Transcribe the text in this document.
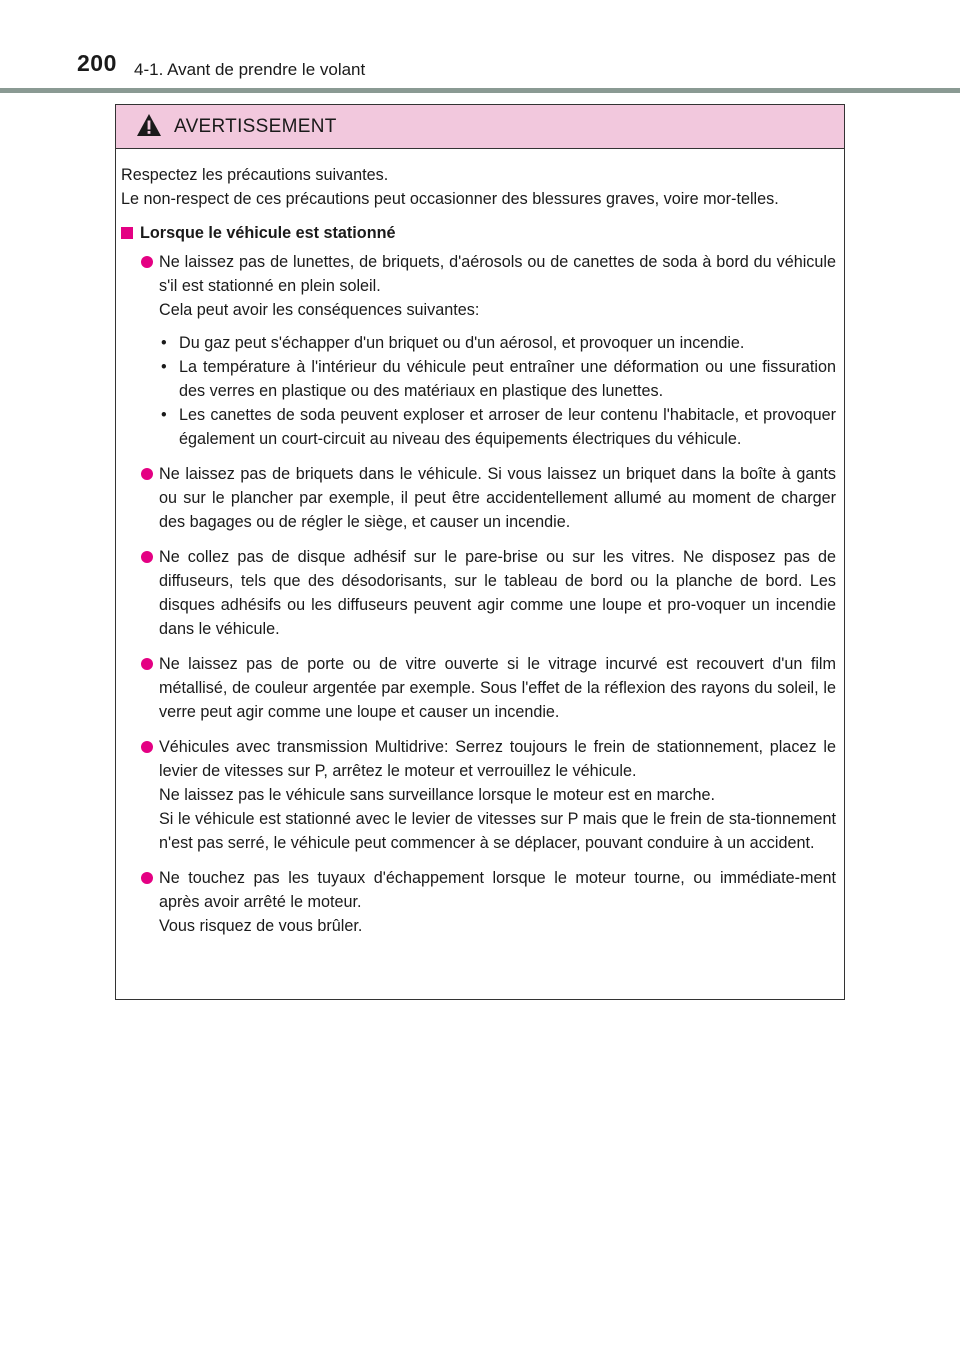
200 4-1. Avant de prendre le volant
AVERTISSEMENT

Respectez les précautions suivantes.

Le non-respect de ces précautions peut occasionner des blessures graves, voire mor-telles.

Lorsque le véhicule est stationné

Ne laissez pas de lunettes, de briquets, d'aérosols ou de canettes de soda à bord du véhicule s'il est stationné en plein soleil.

Cela peut avoir les conséquences suivantes:

• Du gaz peut s'échapper d'un briquet ou d'un aérosol, et provoquer un incendie.
• La température à l'intérieur du véhicule peut entraîner une déformation ou une fissuration des verres en plastique ou des matériaux en plastique des lunettes.
• Les canettes de soda peuvent exploser et arroser de leur contenu l'habitacle, et provoquer également un court-circuit au niveau des équipements électriques du véhicule.

Ne laissez pas de briquets dans le véhicule. Si vous laissez un briquet dans la boîte à gants ou sur le plancher par exemple, il peut être accidentellement allumé au moment de charger des bagages ou de régler le siège, et causer un incendie.

Ne collez pas de disque adhésif sur le pare-brise ou sur les vitres. Ne disposez pas de diffuseurs, tels que des désodorisants, sur le tableau de bord ou la planche de bord. Les disques adhésifs ou les diffuseurs peuvent agir comme une loupe et pro-voquer un incendie dans le véhicule.

Ne laissez pas de porte ou de vitre ouverte si le vitrage incurvé est recouvert d'un film métallisé, de couleur argentée par exemple. Sous l'effet de la réflexion des rayons du soleil, le verre peut agir comme une loupe et causer un incendie.

Véhicules avec transmission Multidrive: Serrez toujours le frein de stationnement, placez le levier de vitesses sur P, arrêtez le moteur et verrouillez le véhicule.

Ne laissez pas le véhicule sans surveillance lorsque le moteur est en marche.

Si le véhicule est stationné avec le levier de vitesses sur P mais que le frein de sta-tionnement n'est pas serré, le véhicule peut commencer à se déplacer, pouvant conduire à un accident.

Ne touchez pas les tuyaux d'échappement lorsque le moteur tourne, ou immédiate-ment après avoir arrêté le moteur.

Vous risquez de vous brûler.
